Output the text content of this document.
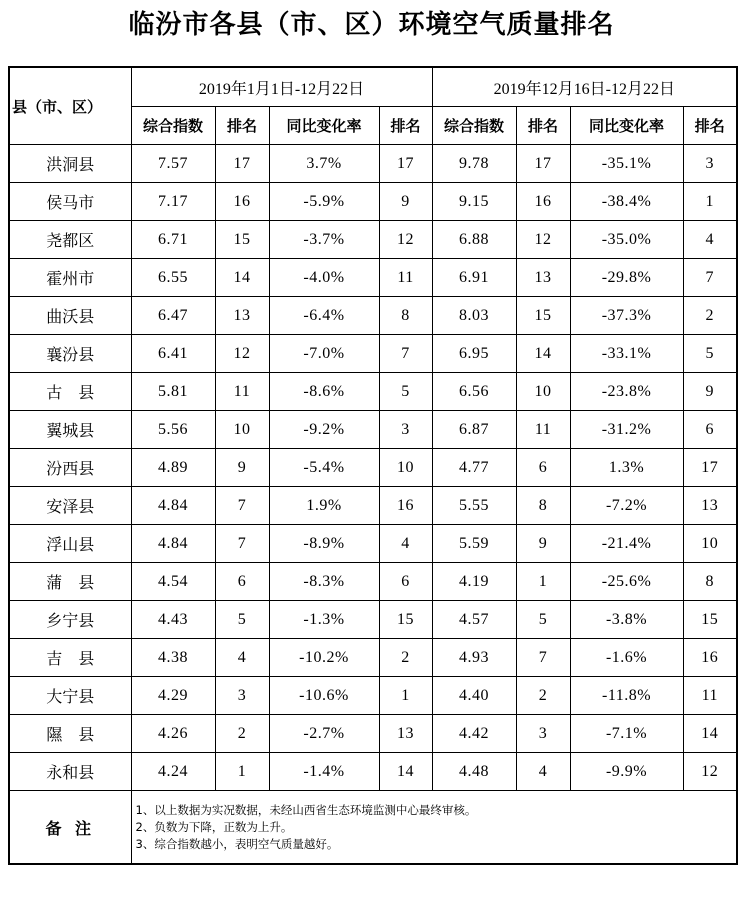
临汾市各县（市、区）环境空气质量排名
县（市、区）	2019年1月1日-12月22日				2019年12月16日-12月22日			
	综合指数	排名	同比变化率	排名	综合指数	排名	同比变化率	排名
洪洞县	7.57	17	3.7%	17	9.78	17	-35.1%	3
侯马市	7.17	16	-5.9%	9	9.15	16	-38.4%	1
尧都区	6.71	15	-3.7%	12	6.88	12	-35.0%	4
霍州市	6.55	14	-4.0%	11	6.91	13	-29.8%	7
曲沃县	6.47	13	-6.4%	8	8.03	15	-37.3%	2
襄汾县	6.41	12	-7.0%	7	6.95	14	-33.1%	5
古　县	5.81	11	-8.6%	5	6.56	10	-23.8%	9
翼城县	5.56	10	-9.2%	3	6.87	11	-31.2%	6
汾西县	4.89	9	-5.4%	10	4.77	6	1.3%	17
安泽县	4.84	7	1.9%	16	5.55	8	-7.2%	13
浮山县	4.84	7	-8.9%	4	5.59	9	-21.4%	10
蒲　县	4.54	6	-8.3%	6	4.19	1	-25.6%	8
乡宁县	4.43	5	-1.3%	15	4.57	5	-3.8%	15
吉　县	4.38	4	-10.2%	2	4.93	7	-1.6%	16
大宁县	4.29	3	-10.6%	1	4.40	2	-11.8%	11
隰　县	4.26	2	-2.7%	13	4.42	3	-7.1%	14
永和县	4.24	1	-1.4%	14	4.48	4	-9.9%	12
备 注	1、以上数据为实况数据，未经山西省生态环境监测中心最终审核。
2、负数为下降，正数为上升。
3、综合指数越小，表明空气质量越好。							
